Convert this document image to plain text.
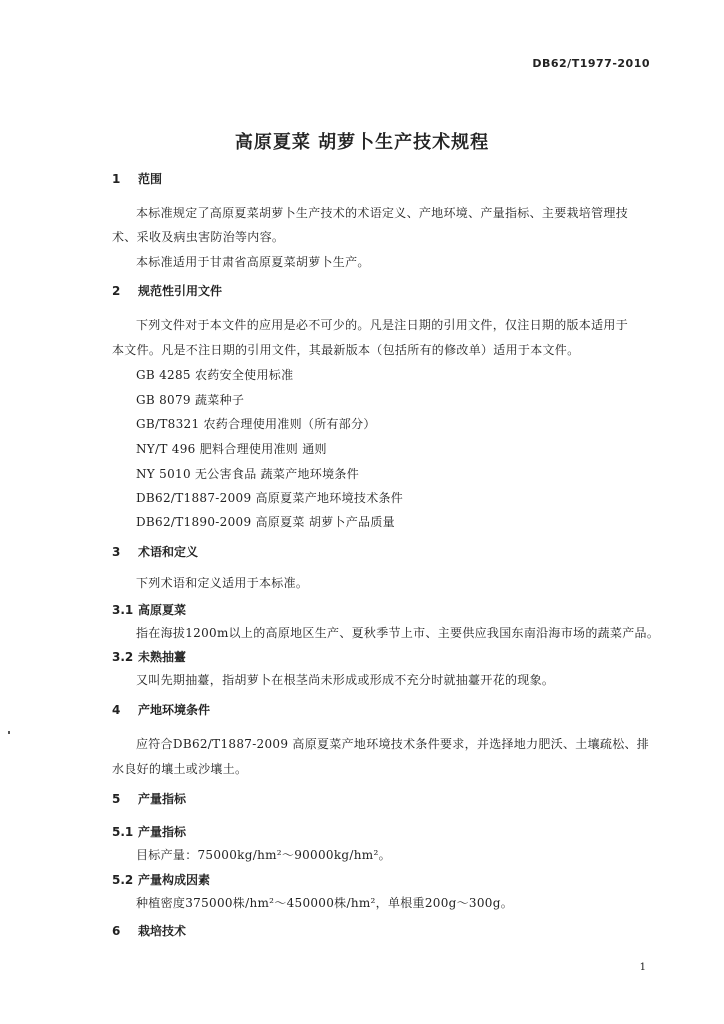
DB62/T1977-2010
高原夏菜 胡萝卜生产技术规程
1 范围
本标准规定了高原夏菜胡萝卜生产技术的术语定义、产地环境、产量指标、主要栽培管理技
术、采收及病虫害防治等内容。
本标准适用于甘肃省高原夏菜胡萝卜生产。
2 规范性引用文件
下列文件对于本文件的应用是必不可少的。凡是注日期的引用文件，仅注日期的版本适用于
本文件。凡是不注日期的引用文件，其最新版本（包括所有的修改单）适用于本文件。
GB 4285 农药安全使用标准
GB 8079 蔬菜种子
GB/T8321 农药合理使用准则（所有部分）
NY/T 496 肥料合理使用准则 通则
NY 5010 无公害食品 蔬菜产地环境条件
DB62/T1887-2009 高原夏菜产地环境技术条件
DB62/T1890-2009 高原夏菜 胡萝卜产品质量
3 术语和定义
下列术语和定义适用于本标准。
3.1 高原夏菜
指在海拔1200m以上的高原地区生产、夏秋季节上市、主要供应我国东南沿海市场的蔬菜产品。
3.2 未熟抽薹
又叫先期抽薹，指胡萝卜在根茎尚未形成或形成不充分时就抽薹开花的现象。
4 产地环境条件
应符合DB62/T1887-2009 高原夏菜产地环境技术条件要求，并选择地力肥沃、土壤疏松、排
水良好的壤土或沙壤土。
5 产量指标
5.1 产量指标
目标产量：75000kg/hm²～90000kg/hm²。
5.2 产量构成因素
种植密度375000株/hm²～450000株/hm²，单根重200g～300g。
6 栽培技术
1
